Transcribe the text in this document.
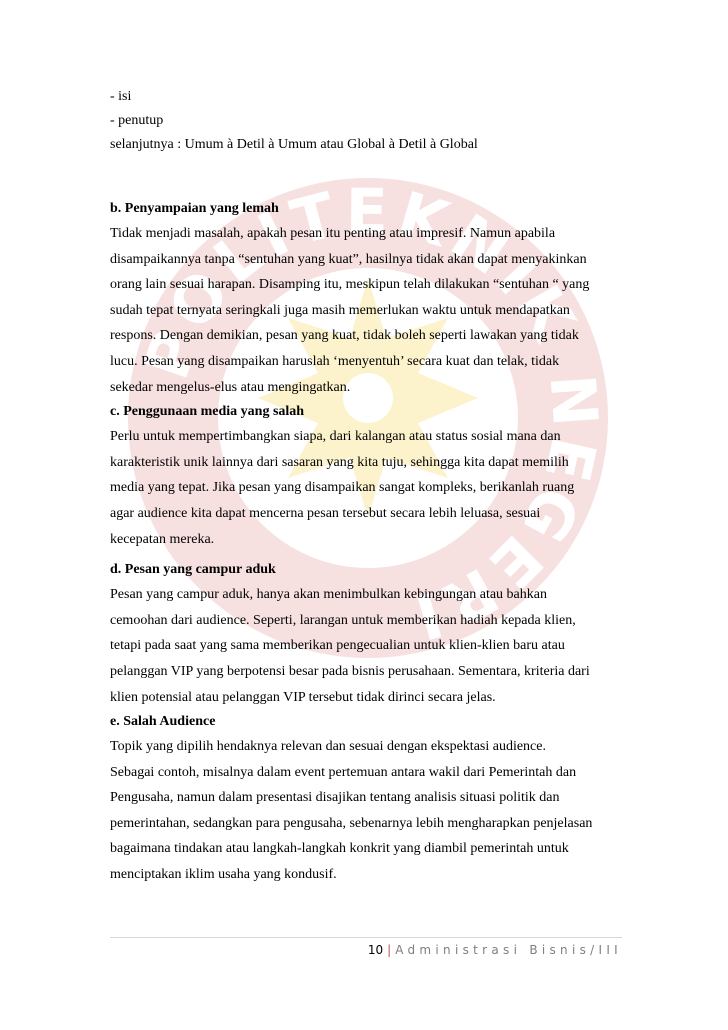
POLITEKNIK NEGERI

- isi

- penutup

selanjutnya : Umum à Detil à Umum atau Global à Detil à Global

b. Penyampaian yang lemah

Tidak menjadi masalah, apakah pesan itu penting atau impresif. Namun apabila

disampaikannya tanpa “sentuhan yang kuat”, hasilnya tidak akan dapat menyakinkan

orang lain sesuai harapan. Disamping itu, meskipun telah dilakukan “sentuhan “ yang

sudah tepat ternyata seringkali juga masih memerlukan waktu untuk mendapatkan

respons. Dengan demikian, pesan yang kuat, tidak boleh seperti lawakan yang tidak

lucu. Pesan yang disampaikan haruslah ‘menyentuh’ secara kuat dan telak, tidak

sekedar mengelus-elus atau mengingatkan.

c. Penggunaan media yang salah

Perlu untuk mempertimbangkan siapa, dari kalangan atau status sosial mana dan

karakteristik unik lainnya dari sasaran yang kita tuju, sehingga kita dapat memilih

media yang tepat. Jika pesan yang disampaikan sangat kompleks, berikanlah ruang

agar audience kita dapat mencerna pesan tersebut secara lebih leluasa, sesuai

kecepatan mereka.

d. Pesan yang campur aduk

Pesan yang campur aduk, hanya akan menimbulkan kebingungan atau bahkan

cemoohan dari audience. Seperti, larangan untuk memberikan hadiah kepada klien,

tetapi pada saat yang sama memberikan pengecualian untuk klien-klien baru atau

pelanggan VIP yang berpotensi besar pada bisnis perusahaan. Sementara, kriteria dari

klien potensial atau pelanggan VIP tersebut tidak dirinci secara jelas.

e. Salah Audience

Topik yang dipilih hendaknya relevan dan sesuai dengan ekspektasi audience.

Sebagai contoh, misalnya dalam event pertemuan antara wakil dari Pemerintah dan

Pengusaha, namun dalam presentasi disajikan tentang analisis situasi politik dan

pemerintahan, sedangkan para pengusaha, sebenarnya lebih mengharapkan penjelasan

bagaimana tindakan atau langkah-langkah konkrit yang diambil pemerintah untuk

menciptakan iklim usaha yang kondusif.

10 | Administrasi Bisnis/III
